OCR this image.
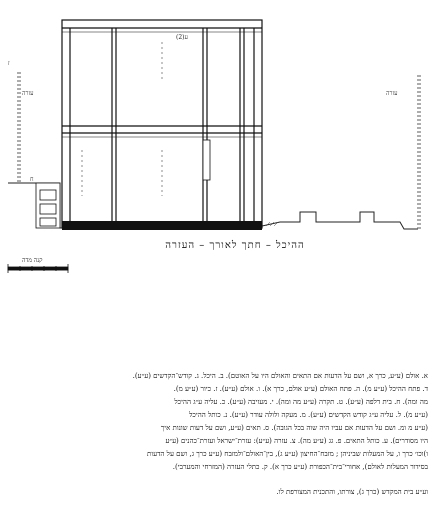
עזרה	עזרה
ע(2)
ז
ח
ההיכל – חתך לאורך – העזרה
קנה מדה
א. אולם (ע״ע, כרך א, ושם על הדעות אם התאים והאולם היו על האוטם). ב. היכל. ג. קודש־הקדשים (ע״ע).
ד. פתח ההיכל (ע״ע מ). ה. פתח האולם (ע״ע אולם, כרך א). ו. אולם (ע״ע). ז. כיור (ע״ע מ).
מה ומה). ח. בית דלפה (ע״ע). ט. תקרה (ע״ע מה ומה). י. מעזיבה (ע״ע). כ. עליה ע״ג ההיכל
(ע״ע מ). ל. עליה ע״ג קודש הקדשים (ע״ע). מ. מעקה ולולה עודר (ע״ע). נ. כותל ההיכל
(ע״ע מ ומ. ושם על הדעות אם עביו היה שוה בכל הגובה). ס. תאים (ע״ע, ושם על דעות שונות איך
היו מסודרים). ע. כותל התאים. פ. גג (ע״ע מה). צ. עזרה (ע״ע): עזרת־ישראל ועזרת־כהנים (ע״ע
ו)וכו׳ כרך ו, על המעלות שביניהן ; מזבח־החיצון (ע״ע ג), בין־האולם־ולמזבח (ע״ע כרך ג, ושם על הדעות
בסידור המעלות לאולם), אחורי־בית־הכפורת (ע״ע כרך א). ק. כתלי העזרה (המזרחי והמערבי).
וע״ע בית המקדש (כרך ג), צורתו, והתכנית המצורפת לו.
